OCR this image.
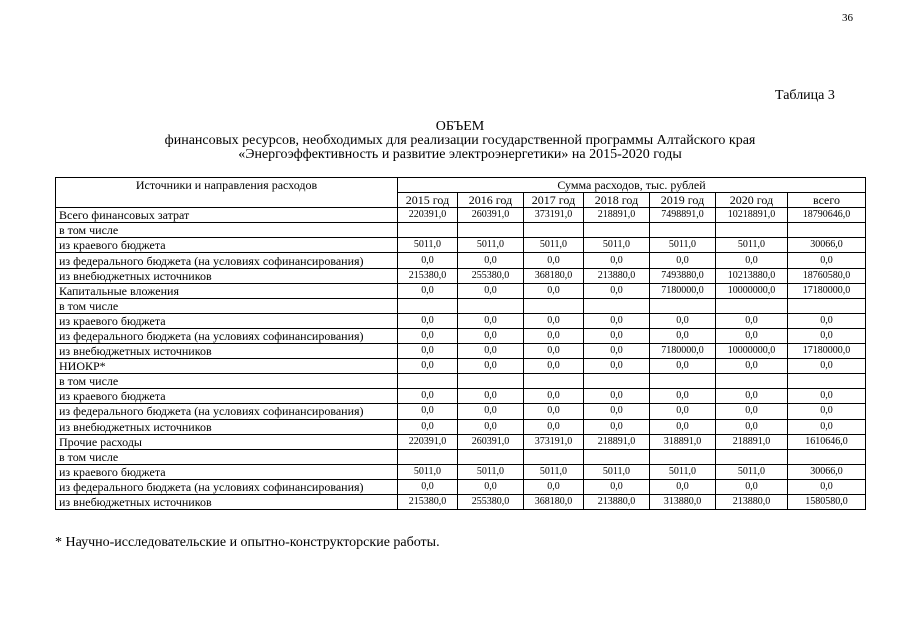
36
Таблица 3
ОБЪЕМ
финансовых ресурсов, необходимых для реализации государственной программы Алтайского края
«Энергоэффективность и развитие электроэнергетики» на 2015-2020 годы
Источники и направления расходов	Сумма расходов, тыс. рублей						
	2015 год	2016 год	2017 год	2018 год	2019 год	2020 год	всего
Всего финансовых затрат	220391,0	260391,0	373191,0	218891,0	7498891,0	10218891,0	18790646,0
в том числе							
из краевого бюджета	5011,0	5011,0	5011,0	5011,0	5011,0	5011,0	30066,0
из федерального бюджета (на условиях софинансирования)	0,0	0,0	0,0	0,0	0,0	0,0	0,0
из внебюджетных источников	215380,0	255380,0	368180,0	213880,0	7493880,0	10213880,0	18760580,0
Капитальные вложения	0,0	0,0	0,0	0,0	7180000,0	10000000,0	17180000,0
в том числе							
из краевого бюджета	0,0	0,0	0,0	0,0	0,0	0,0	0,0
из федерального бюджета (на условиях софинансирования)	0,0	0,0	0,0	0,0	0,0	0,0	0,0
из внебюджетных источников	0,0	0,0	0,0	0,0	7180000,0	10000000,0	17180000,0
НИОКР*	0,0	0,0	0,0	0,0	0,0	0,0	0,0
в том числе							
из краевого бюджета	0,0	0,0	0,0	0,0	0,0	0,0	0,0
из федерального бюджета (на условиях софинансирования)	0,0	0,0	0,0	0,0	0,0	0,0	0,0
из внебюджетных источников	0,0	0,0	0,0	0,0	0,0	0,0	0,0
Прочие расходы	220391,0	260391,0	373191,0	218891,0	318891,0	218891,0	1610646,0
в том числе							
из краевого бюджета	5011,0	5011,0	5011,0	5011,0	5011,0	5011,0	30066,0
из федерального бюджета (на условиях софинансирования)	0,0	0,0	0,0	0,0	0,0	0,0	0,0
из внебюджетных источников	215380,0	255380,0	368180,0	213880,0	313880,0	213880,0	1580580,0
* Научно-исследовательские и опытно-конструкторские работы.
